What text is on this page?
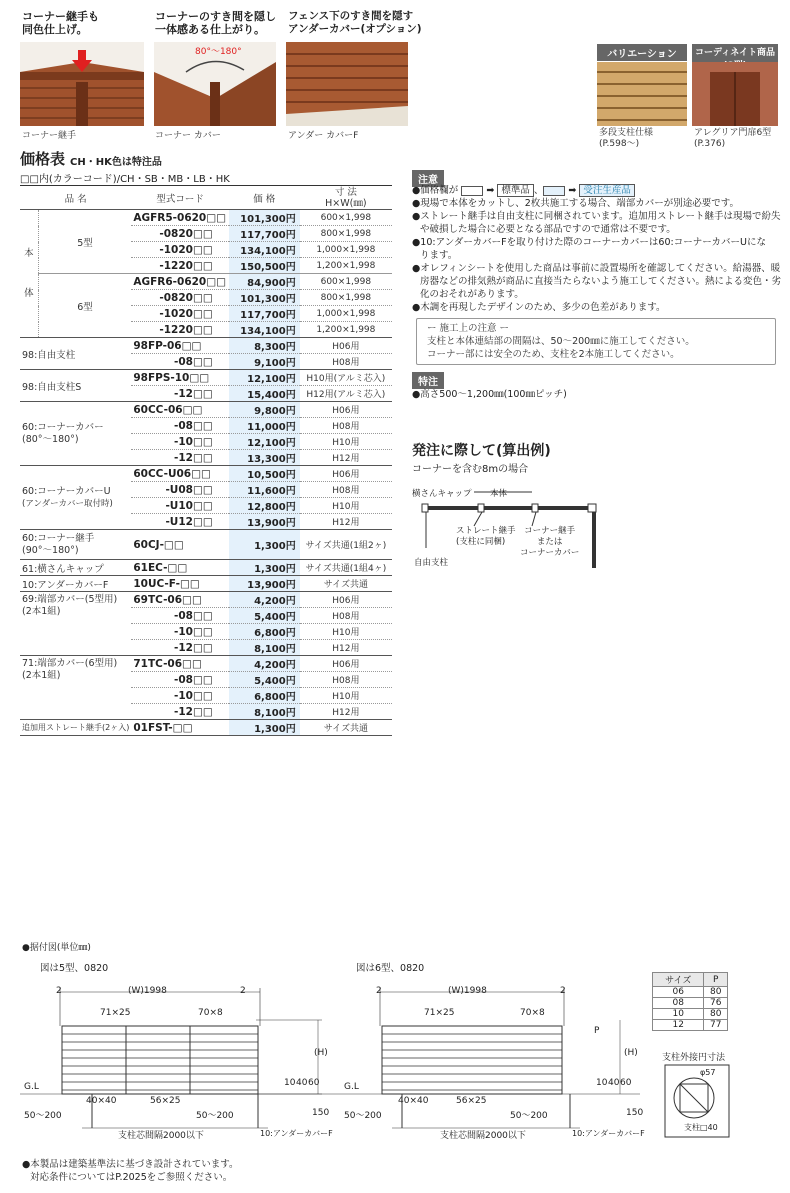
コーナー継手も
同色仕上げ。
コーナーのすき間を隠し
一体感ある仕上がり。
フェンス下のすき間を隠す
アンダーカバー(オプション)
コーナー継手
80°〜180°
コーナー カバー	アンダー カバーF
バリエーション	コーディネイト商品
多段支柱仕様
(P.598〜)
アレグリア門扉6型
(P.376)
価格表 CH・HK色は特注品
□□内(カラーコード)/CH・SB・MB・LB・HK
品 名		型式コード	価 格	寸 法
H×W(㎜)

本
体	5型	AGFR5-0620□□	101,300円	600×1,998
		-0820□□	117,700円	800×1,998
		-1020□□	134,100円	1,000×1,998
		-1220□□	150,500円	1,200×1,998
	6型	AGFR6-0620□□	84,900円	600×1,998
		-0820□□	101,300円	800×1,998
		-1020□□	117,700円	1,000×1,998
		-1220□□	134,100円	1,200×1,998
98:自由支柱		98FP-06□□	8,300円	H06用
		-08□□	9,100円	H08用
98:自由支柱S		98FPS-10□□	12,100円	H10用(アルミ芯入)
		-12□□	15,400円	H12用(アルミ芯入)

60:コーナーカバー
(80°〜180°)		60CC-06□□	9,800円	H06用
		-08□□	11,000円	H08用
		-10□□	12,100円	H10用
		-12□□	13,300円	H12用

60:コーナーカバーU
(アンダーカバー取付時)		60CC-U06□□	10,500円	H06用
		-U08□□	11,600円	H08用
		-U10□□	12,800円	H10用
		-U12□□	13,900円	H12用

60:コーナー継手
(90°〜180°)		60CJ-□□	1,300円	サイズ共通(1組2ヶ)
61:横さんキャップ		61EC-□□	1,300円	サイズ共通(1組4ヶ)
10:アンダーカバーF		10UC-F-□□	13,900円	サイズ共通

69:端部カバー(5型用)
(2本1組)		69TC-06□□	4,200円	H06用
		-08□□	5,400円	H08用
		-10□□	6,800円	H10用
		-12□□	8,100円	H12用

71:端部カバー(6型用)
(2本1組)		71TC-06□□	4,200円	H06用
		-08□□	5,400円	H08用
		-10□□	6,800円	H10用
		-12□□	8,100円	H12用
追加用ストレート継手(2ヶ入)		01FST-□□	1,300円	サイズ共通
注意
●価格欄が	➡ 標準品 、 ➡ 受注生産品
●現場で本体をカットし、2枚共施工する場合、端部カバーが別途必要です。
●ストレート継手は自由支柱に同梱されています。追加用ストレート継手は現場で紛失
や破損した場合に必要となる部品ですので通常は不要です。
●10:アンダーカバーFを取り付けた際のコーナーカバーは60:コーナーカバーUにな
ります。
●オレフィンシートを使用した商品は事前に設置場所を確認してください。給湯器、暖
房器などの排気熱が商品に直接当たらないよう施工してください。熱による変色・劣
化のおそれがあります。
●木調を再現したデザインのため、多少の色差があります。
ー 施工上の注意 ー
支柱と本体連結部の間隔は、50〜200㎜に施工してください。
コーナー部には安全のため、支柱を2本施工してください。
特注
●高さ500〜1,200㎜(100㎜ピッチ)
発注に際して(算出例)
コーナーを含む8mの場合
横さんキャップ 本体
ストレート継手
(支柱に同梱)
コーナー継手
または
コーナーカバー
自由支柱
●据付図(単位㎜)
図は5型、0820	図は6型、0820
2	(W)1998	2
71×25	70×8
G.L
40×40	56×25
50〜200	50〜200
支柱芯間隔2000以下	10:アンダーカバーF
(H)
10 40 60
150
2	(W)1998	2
71×25	70×8
P
G.L
40×40	56×25
50〜200	50〜200
支柱芯間隔2000以下	10:アンダーカバーF
(H)
10 40 60
150
サイズ	P
06	80
08	76
10	80
12	77
支柱外接円寸法
φ57
支柱□40
●本製品は建築基準法に基づき設計されています。
対応条件についてはP.2025をご参照ください。
